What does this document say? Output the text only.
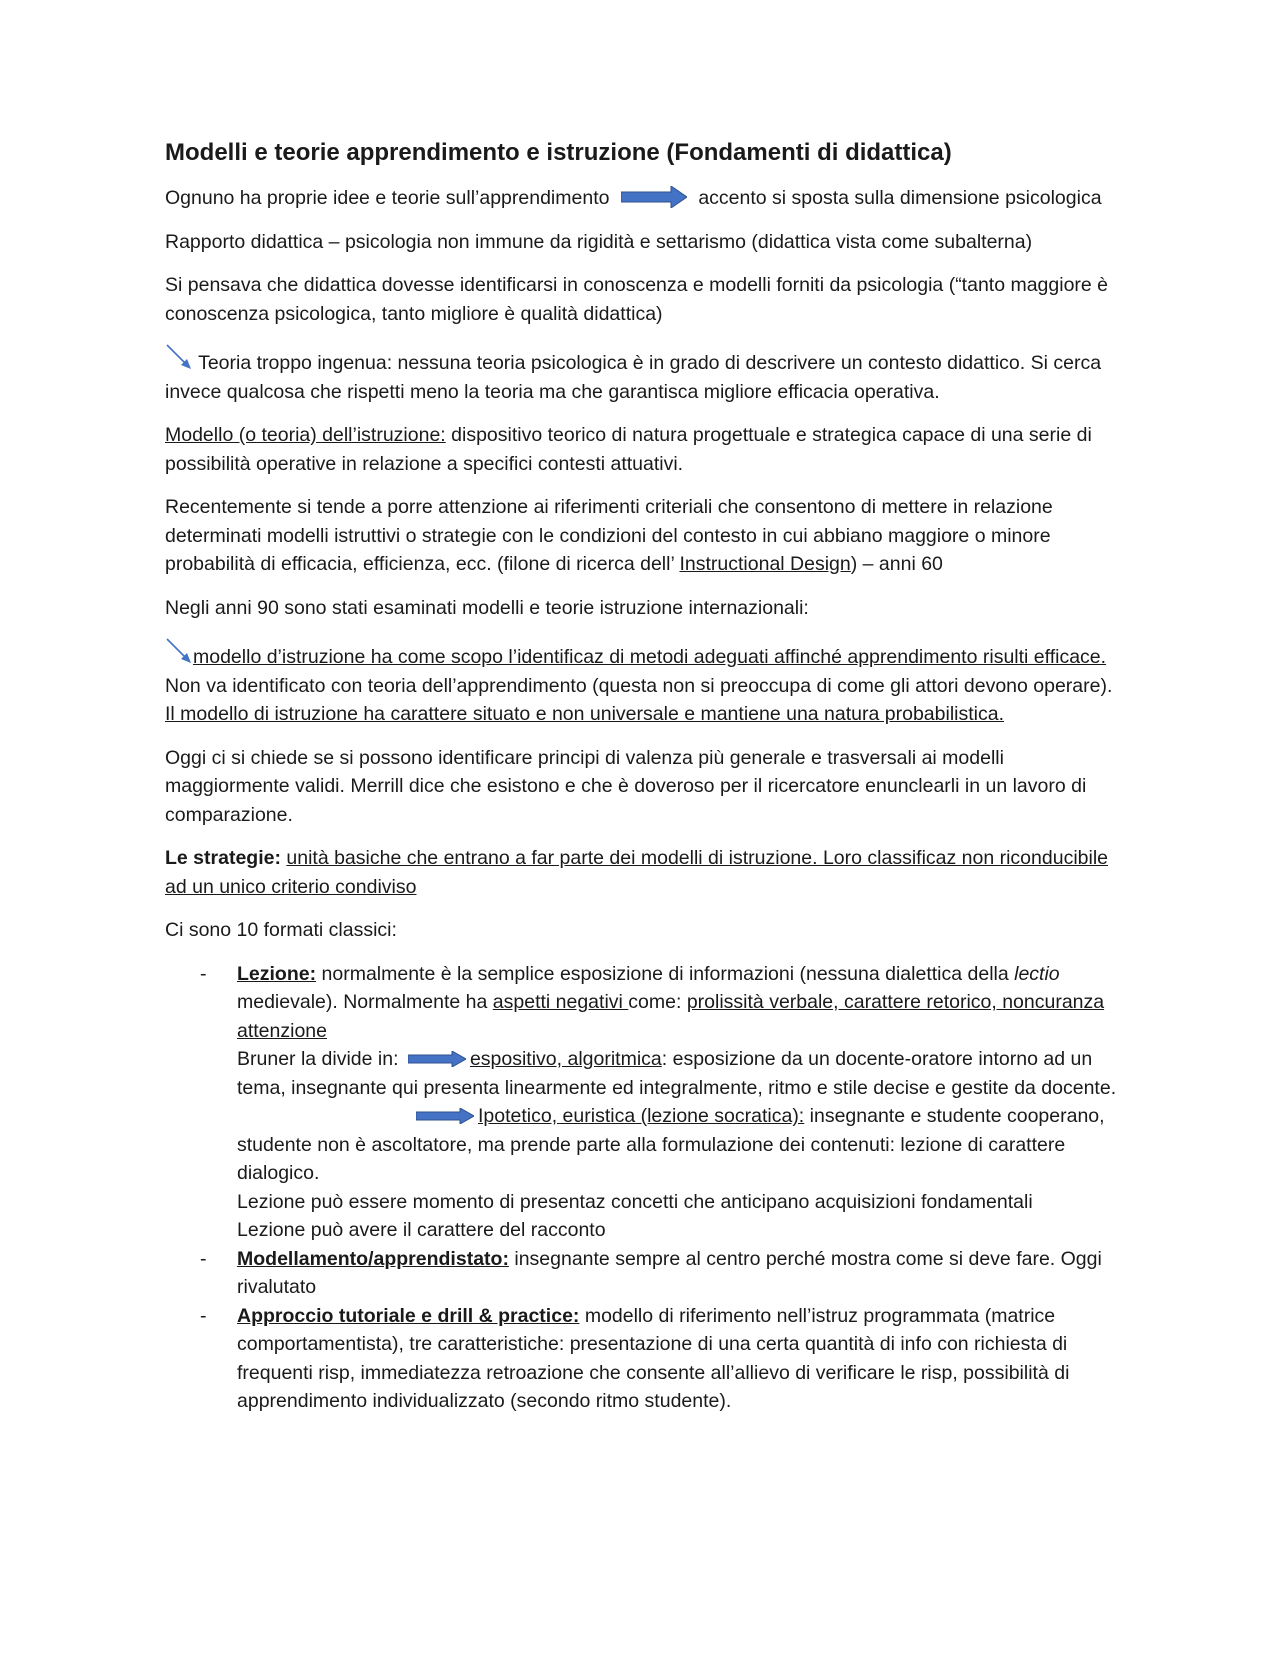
Modelli e teorie apprendimento e istruzione (Fondamenti di didattica)

Ognuno ha proprie idee e teorie sull’apprendimento	accento si sposta sulla dimensione psicologica

Rapporto didattica – psicologia non immune da rigidità e settarismo (didattica vista come subalterna)

Si pensava che didattica dovesse identificarsi in conoscenza e modelli forniti da psicologia (“tanto maggiore è conoscenza psicologica, tanto migliore è qualità didattica)

Teoria troppo ingenua: nessuna teoria psicologica è in grado di descrivere un contesto didattico. Si cerca invece qualcosa che rispetti meno la teoria ma che garantisca migliore efficacia operativa.

Modello (o teoria) dell’istruzione: dispositivo teorico di natura progettuale e strategica capace di una serie di possibilità operative in relazione a specifici contesti attuativi.

Recentemente si tende a porre attenzione ai riferimenti criteriali che consentono di mettere in relazione determinati modelli istruttivi o strategie con le condizioni del contesto in cui abbiano maggiore o minore probabilità di efficacia, efficienza, ecc. (filone di ricerca dell’ Instructional Design) – anni 60

Negli anni 90 sono stati esaminati modelli e teorie istruzione internazionali:

modello d’istruzione ha come scopo l’identificaz di metodi adeguati affinché apprendimento risulti efficace.
Non va identificato con teoria dell’apprendimento (questa non si preoccupa di come gli attori devono operare). Il modello di istruzione ha carattere situato e non universale e mantiene una natura probabilistica.

Oggi ci si chiede se si possono identificare principi di valenza più generale e trasversali ai modelli maggiormente validi. Merrill dice che esistono e che è doveroso per il ricercatore enunclearli in un lavoro di comparazione.

Le strategie: unità basiche che entrano a far parte dei modelli di istruzione. Loro classificaz non riconducibile ad un unico criterio condiviso

Ci sono 10 formati classici:

- Lezione: normalmente è la semplice esposizione di informazioni (nessuna dialettica della lectio medievale). Normalmente ha aspetti negativi come: prolissità verbale, carattere retorico, noncuranza attenzione
Bruner la divide in:	espositivo, algoritmica: esposizione da un docente-oratore intorno ad un tema, insegnante qui presenta linearmente ed integralmente, ritmo e stile decise e gestite da docente.
Ipotetico, euristica (lezione socratica): insegnante e studente cooperano, studente non è ascoltatore, ma prende parte alla formulazione dei contenuti: lezione di carattere dialogico.
Lezione può essere momento di presentaz concetti che anticipano acquisizioni fondamentali
Lezione può avere il carattere del racconto
- Modellamento/apprendistato: insegnante sempre al centro perché mostra come si deve fare. Oggi rivalutato
- Approccio tutoriale e drill & practice: modello di riferimento nell’istruz programmata (matrice comportamentista), tre caratteristiche: presentazione di una certa quantità di info con richiesta di frequenti risp, immediatezza retroazione che consente all’allievo di verificare le risp, possibilità di apprendimento individualizzato (secondo ritmo studente).
